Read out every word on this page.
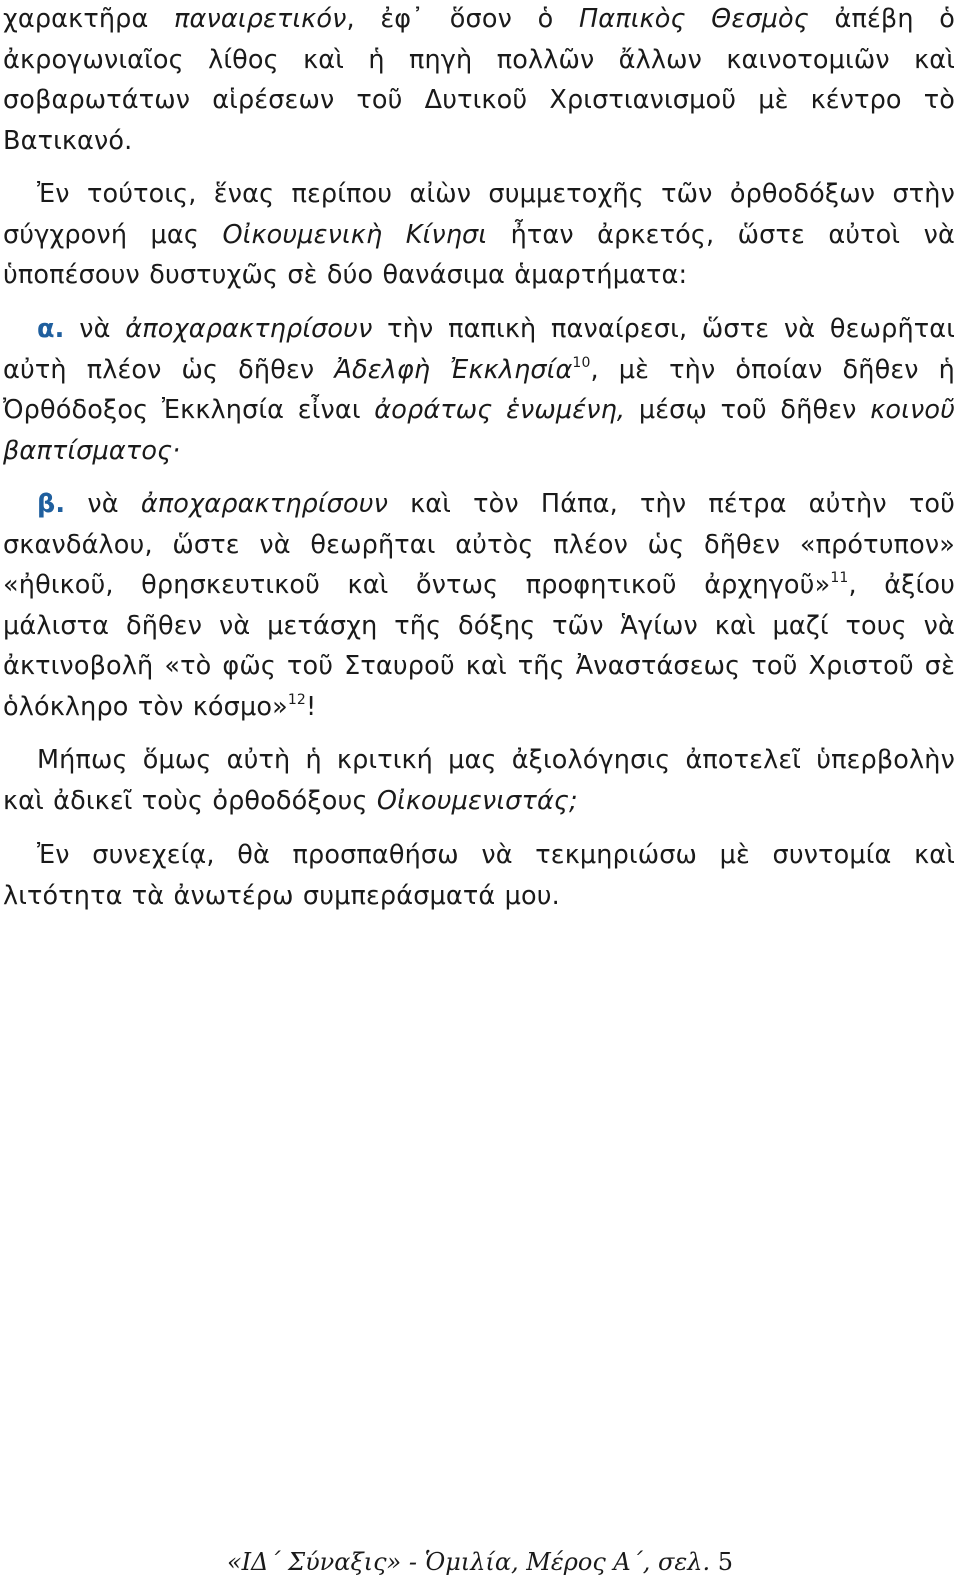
χαρακτῆρα παναιρετικόν, ἐφ᾽ ὅσον ὁ Παπικὸς Θεσμὸς ἀπέβη ὁ ἀκρογωνιαῖος λίθος καὶ ἡ πηγὴ πολλῶν ἄλλων καινοτομιῶν καὶ σοβαρωτάτων αἱρέσεων τοῦ Δυτικοῦ Χριστιανισμοῦ μὲ κέντρο τὸ Βατικανό.

Ἐν τούτοις, ἕνας περίπου αἰὼν συμμετοχῆς τῶν ὀρθοδόξων στὴν σύγχρονή μας Οἰκουμενικὴ Κίνησι ἦταν ἀρκετός, ὥστε αὐτοὶ νὰ ὑποπέσουν δυστυχῶς σὲ δύο θανάσιμα ἁμαρτήματα:

α. νὰ ἀποχαρακτηρίσουν τὴν παπικὴ παναίρεσι, ὥστε νὰ θεωρῆται αὐτὴ πλέον ὡς δῆθεν Ἀδελφὴ Ἐκκλησία$^{10}$, μὲ τὴν ὁποίαν δῆθεν ἡ Ὀρθόδοξος Ἐκκλησία εἶναι ἀοράτως ἑνωμένη, μέσῳ τοῦ δῆθεν κοινοῦ βαπτίσματος·

β. νὰ ἀποχαρακτηρίσουν καὶ τὸν Πάπα, τὴν πέτρα αὐτὴν τοῦ σκανδάλου, ὥστε νὰ θεωρῆται αὐτὸς πλέον ὡς δῆθεν «πρότυπον» «ἠθικοῦ, θρησκευτικοῦ καὶ ὄντως προφητικοῦ ἀρχηγοῦ»$^{11}$, ἀξίου μάλιστα δῆθεν νὰ μετάσχη τῆς δόξης τῶν Ἁγίων καὶ μαζί τους νὰ ἀκτινοβολῆ «τὸ φῶς τοῦ Σταυροῦ καὶ τῆς Ἀναστάσεως τοῦ Χριστοῦ σὲ ὁλόκληρο τὸν κόσμο»$^{12}$!

Μήπως ὅμως αὐτὴ ἡ κριτική μας ἀξιολόγησις ἀποτελεῖ ὑπερβολὴν καὶ ἀδικεῖ τοὺς ὀρθοδόξους Οἰκουμενιστάς;

Ἐν συνεχείᾳ, θὰ προσπαθήσω νὰ τεκμηριώσω μὲ συντομία καὶ λιτότητα τὰ ἀνωτέρω συμπεράσματά μου.

«ΙΔ΄ Σύναξις» - Ὁμιλία, Μέρος Α΄, σελ. 5
